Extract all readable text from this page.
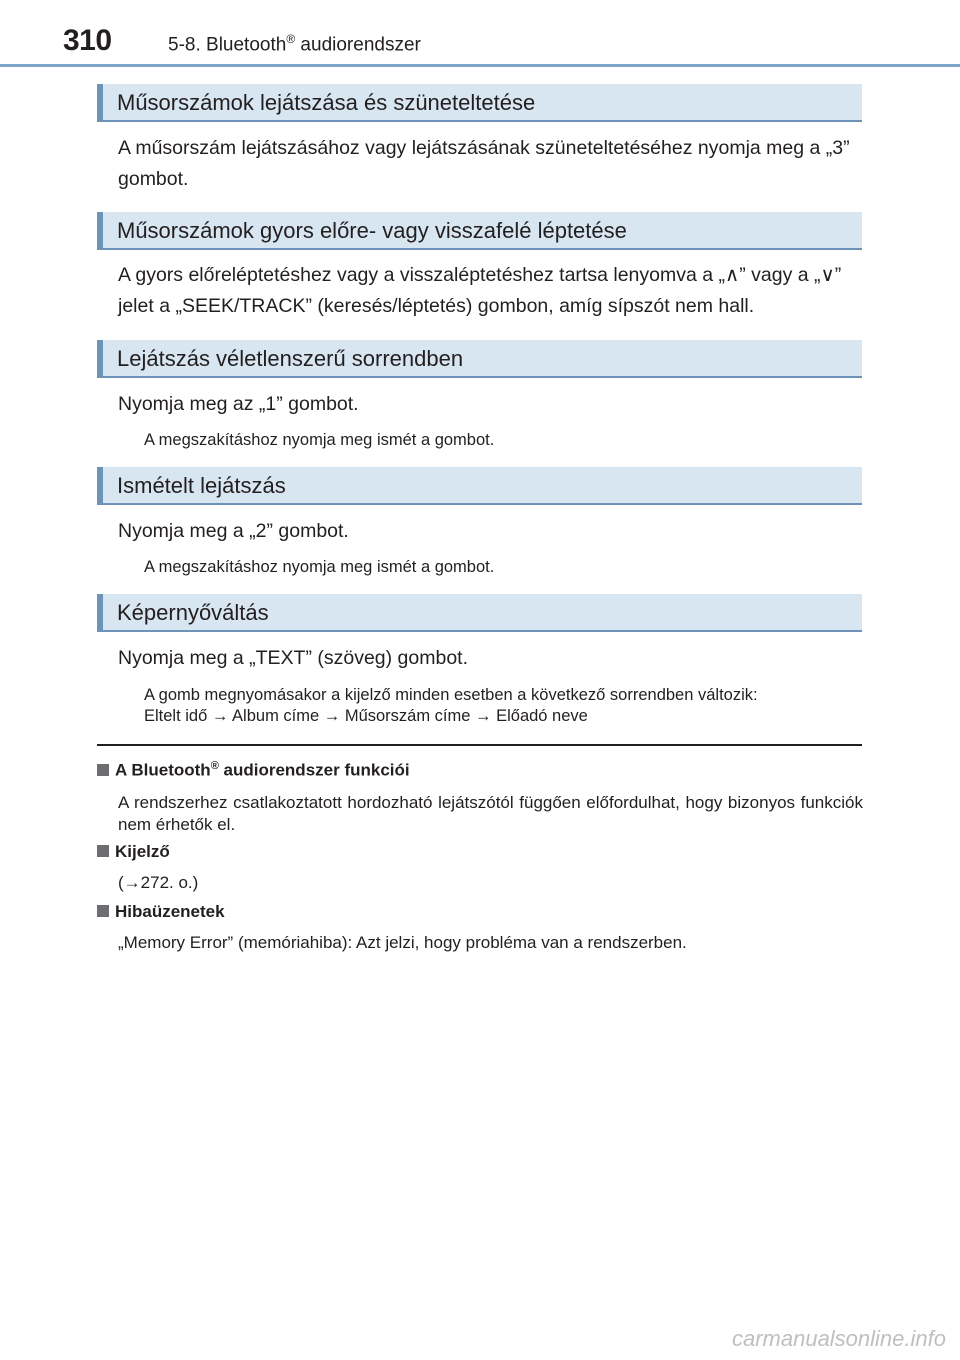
310	5-8. Bluetooth® audiorendszer
Műsorszámok lejátszása és szüneteltetése
A műsorszám lejátszásához vagy lejátszásának szüneteltetéséhez nyomja meg a „3” gombot.
Műsorszámok gyors előre- vagy visszafelé léptetése
A gyors előreléptetéshez vagy a visszaléptetéshez tartsa lenyomva a „∧” vagy a „∨” jelet a „SEEK/TRACK” (keresés/léptetés) gombon, amíg sípszót nem hall.
Lejátszás véletlenszerű sorrendben
Nyomja meg az „1” gombot.
A megszakításhoz nyomja meg ismét a gombot.
Ismételt lejátszás
Nyomja meg a „2” gombot.
A megszakításhoz nyomja meg ismét a gombot.
Képernyőváltás
Nyomja meg a „TEXT” (szöveg) gombot.
A gomb megnyomásakor a kijelző minden esetben a következő sorrendben változik:
Eltelt idő → Album címe → Műsorszám címe → Előadó neve
A Bluetooth® audiorendszer funkciói
A rendszerhez csatlakoztatott hordozható lejátszótól függően előfordulhat, hogy bizonyos funkciók nem érhetők el.
Kijelző
(→272. o.)
Hibaüzenetek
„Memory Error” (memóriahiba): Azt jelzi, hogy probléma van a rendszerben.
carmanualsonline.info
